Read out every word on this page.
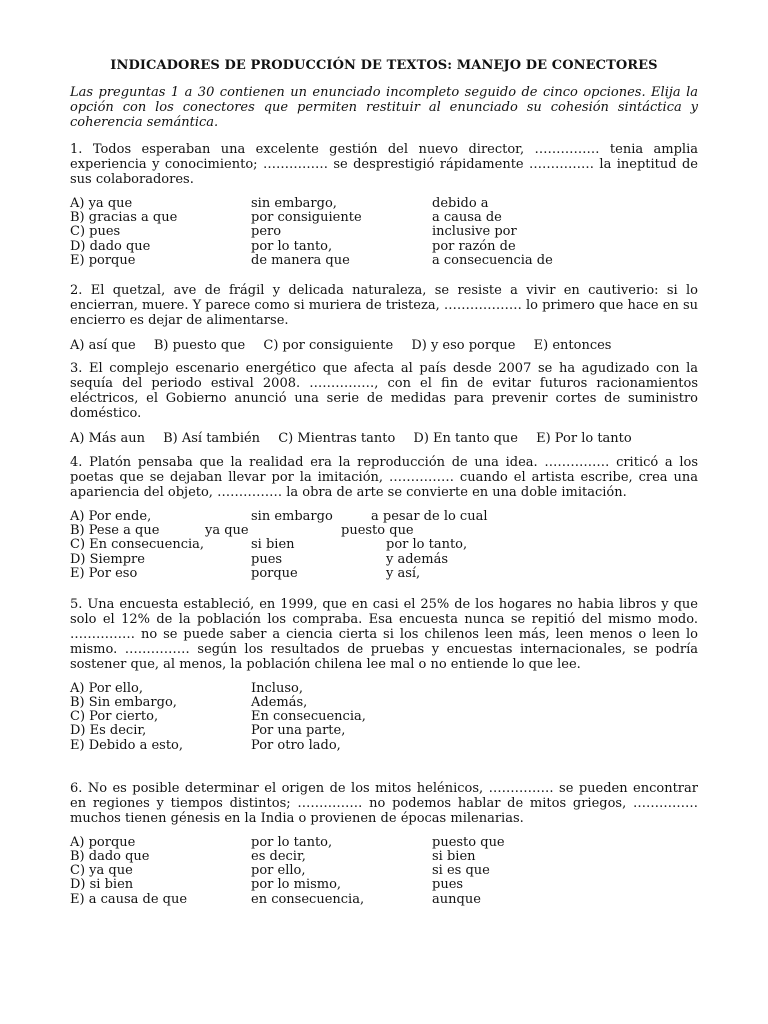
INDICADORES DE PRODUCCIÓN DE TEXTOS: MANEJO DE CONECTORES

Las preguntas 1 a 30 contienen un enunciado incompleto seguido de cinco opciones. Elija la opción con los conectores que permiten restituir al enunciado su cohesión sintáctica y coherencia semántica.

1. Todos esperaban una excelente gestión del nuevo director, …………… tenia amplia experiencia y conocimiento; …………… se desprestigió rápidamente …………… la ineptitud de sus colaboradores.

A) ya que	sin embargo,	debido a
B) gracias a que	por consiguiente	a causa de
C) pues	pero	inclusive por
D) dado que	por lo tanto,	por razón de
E) porque	de manera que	a consecuencia de

2. El quetzal, ave de frágil y delicada naturaleza, se resiste a vivir en cautiverio: si lo encierran, muere. Y parece como si muriera de tristeza, ……………… lo primero que hace en su encierro es dejar de alimentarse.

A) así que B) puesto que C) por consiguiente D) y eso porque E) entonces

3. El complejo escenario energético que afecta al país desde 2007 se ha agudizado con la sequía del periodo estival 2008. ……………, con el fin de evitar futuros racionamientos eléctricos, el Gobierno anunció una serie de medidas para prevenir cortes de suministro doméstico.

A) Más aun B) Así también C) Mientras tanto D) En tanto que E) Por lo tanto

4. Platón pensaba que la realidad era la reproducción de una idea. …………… criticó a los poetas que se dejaban llevar por la imitación, …………… cuando el artista escribe, crea una apariencia del objeto, …………… la obra de arte se convierte en una doble imitación.

A) Por ende,	sin embargo	a pesar de lo cual
B) Pese a que	ya que	puesto que
C) En consecuencia,	si bien	por lo tanto,
D) Siempre	pues	y además
E) Por eso	porque	y así,

5. Una encuesta estableció, en 1999, que en casi el 25% de los hogares no habia libros y que solo el 12% de la población los compraba. Esa encuesta nunca se repitió del mismo modo. …………… no se puede saber a ciencia cierta si los chilenos leen más, leen menos o leen lo mismo. …………… según los resultados de pruebas y encuestas internacionales, se podría sostener que, al menos, la población chilena lee mal o no entiende lo que lee.

A) Por ello,	Incluso,
B) Sin embargo,	Además,
C) Por cierto,	En consecuencia,
D) Es decir,	Por una parte,
E) Debido a esto,	Por otro lado,

6. No es posible determinar el origen de los mitos helénicos, …………… se pueden encontrar en regiones y tiempos distintos; …………… no podemos hablar de mitos griegos, …………… muchos tienen génesis en la India o provienen de épocas milenarias.

A) porque	por lo tanto,	puesto que
B) dado que	es decir,	si bien
C) ya que	por ello,	si es que
D) si bien	por lo mismo,	pues
E) a causa de que	en consecuencia,	aunque
